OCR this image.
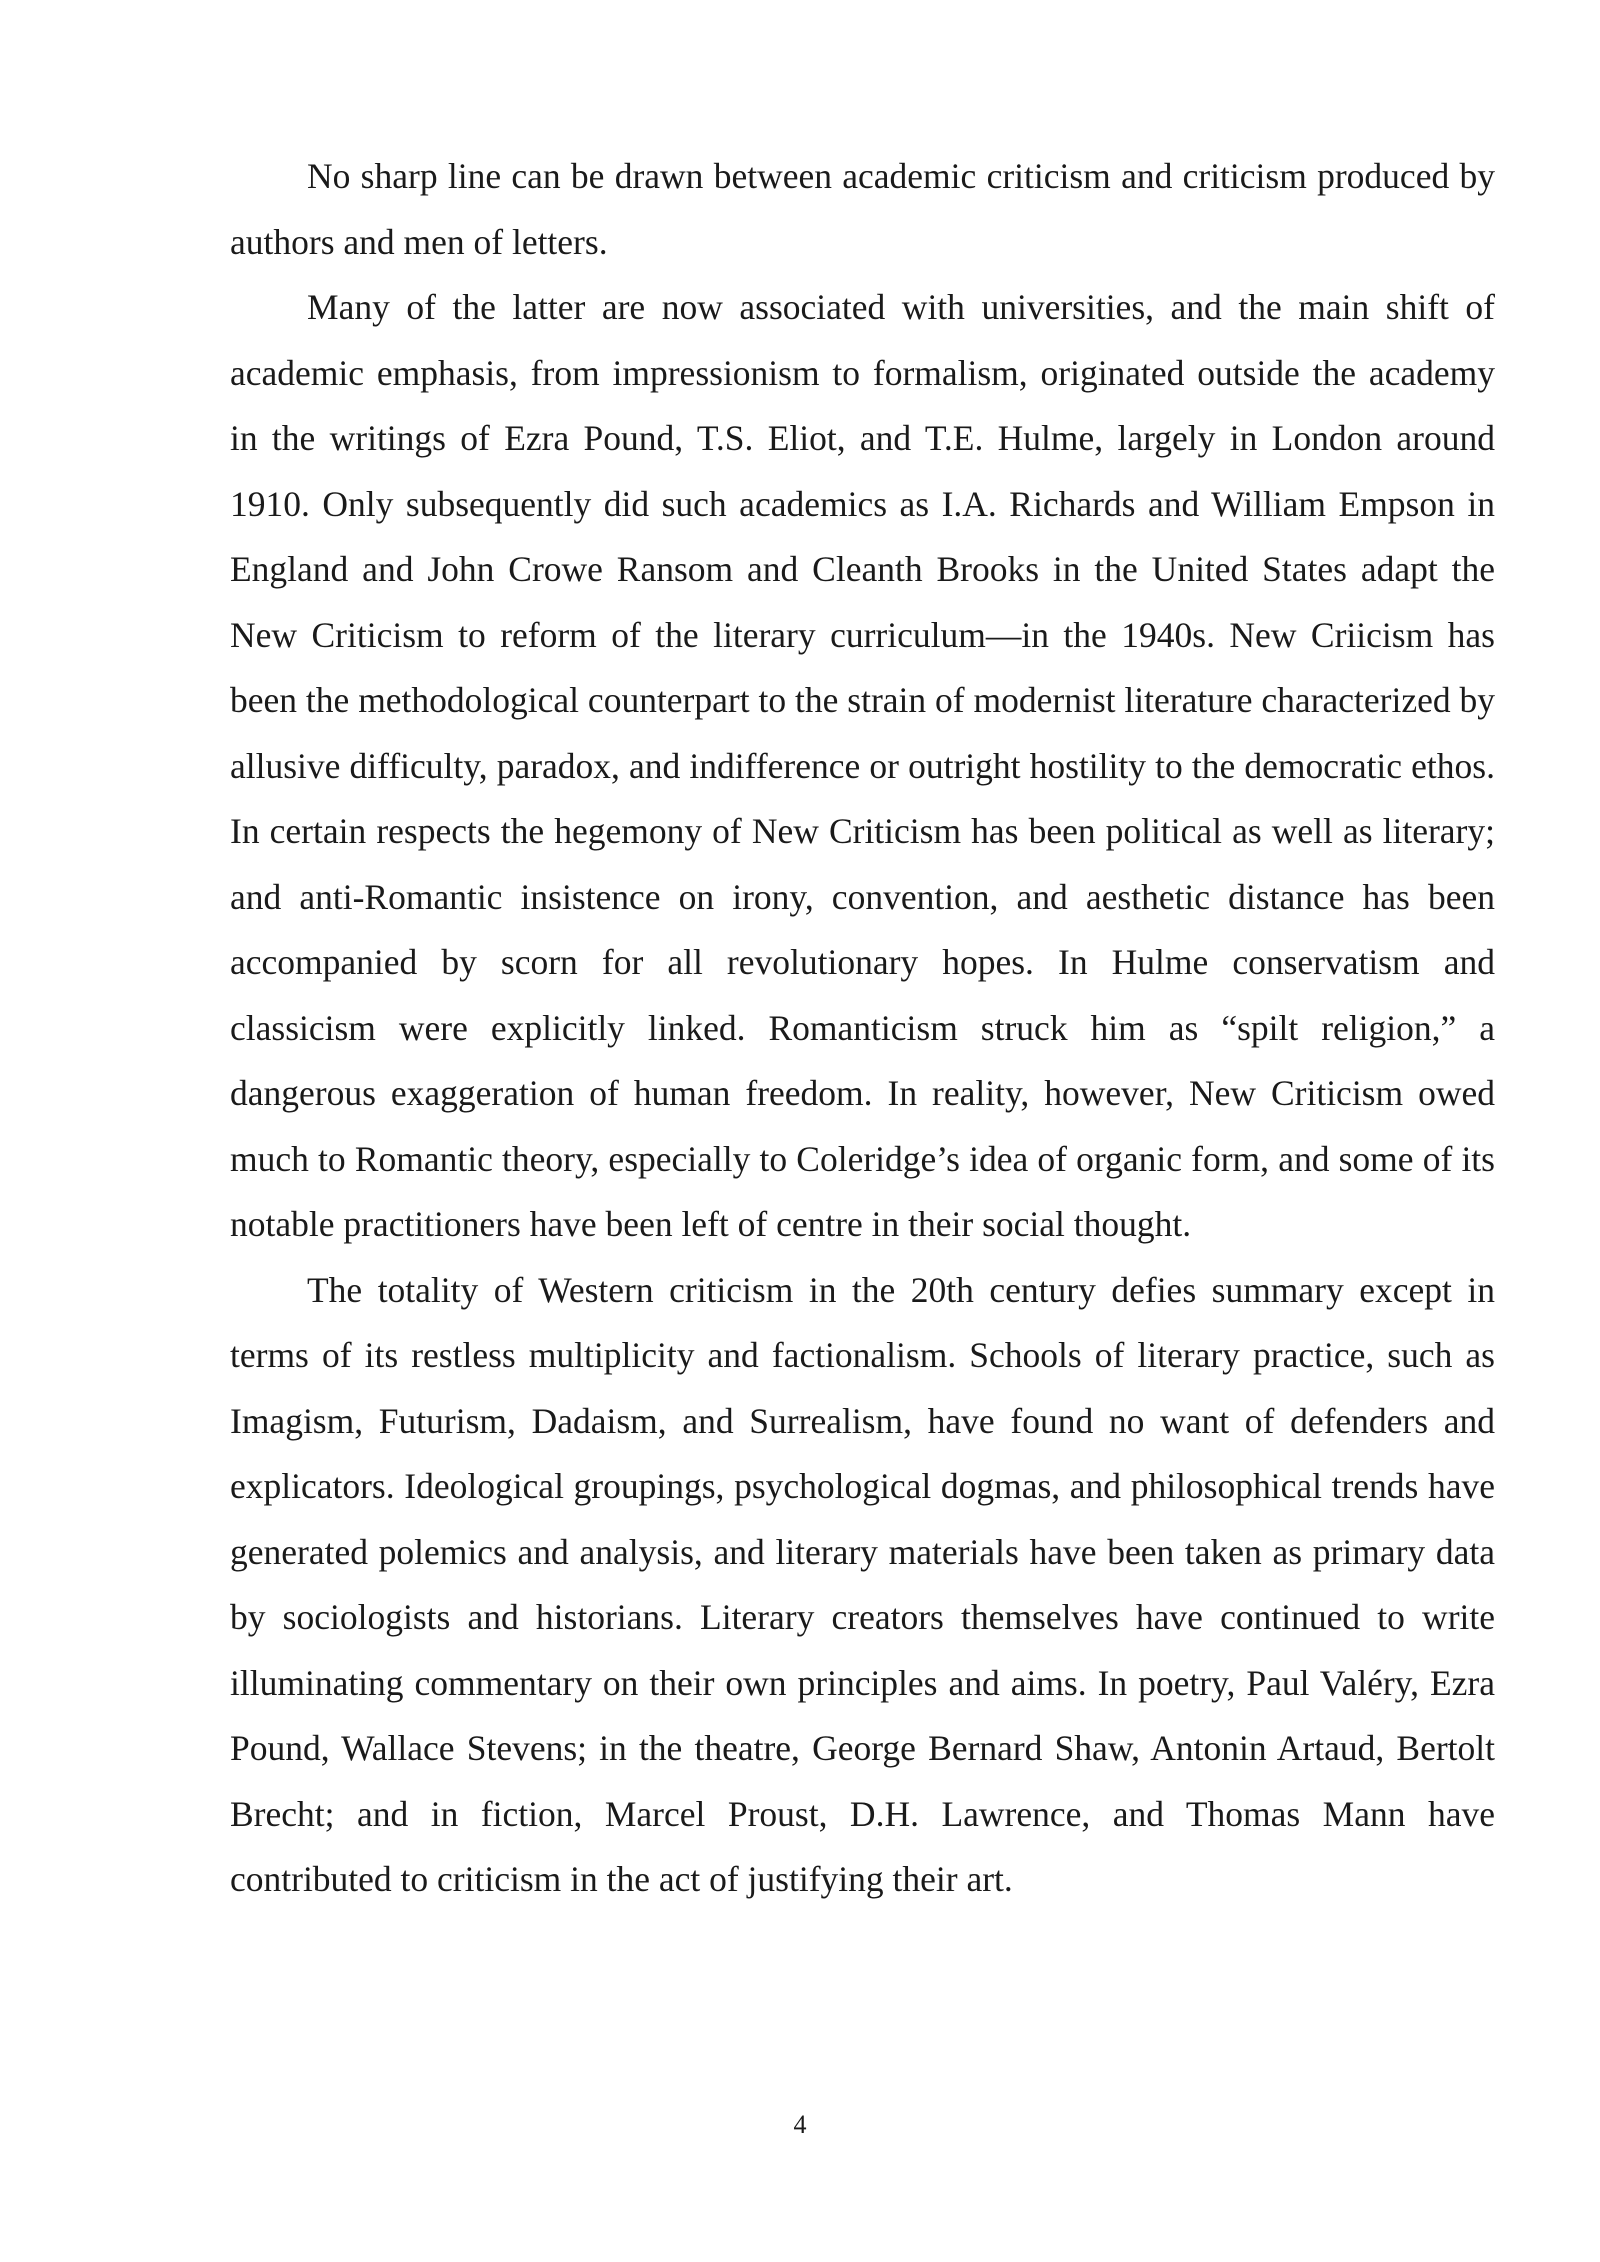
No sharp line can be drawn between academic criticism and criticism produced by authors and men of letters.

Many of the latter are now associated with universities, and the main shift of academic emphasis, from impressionism to formalism, originated outside the academy in the writings of Ezra Pound, T.S. Eliot, and T.E. Hulme, largely in London around 1910. Only subsequently did such academics as I.A. Richards and William Empson in England and John Crowe Ransom and Cleanth Brooks in the United States adapt the New Criticism to reform of the literary curriculum—in the 1940s. New Criicism has been the methodological counterpart to the strain of modernist literature characterized by allusive difficulty, paradox, and indifference or outright hostility to the democratic ethos. In certain respects the hegemony of New Criticism has been political as well as literary; and anti-Romantic insistence on irony, convention, and aesthetic distance has been accompanied by scorn for all revolutionary hopes. In Hulme conservatism and classicism were explicitly linked. Romanticism struck him as “spilt religion,” a dangerous exaggeration of human freedom. In reality, however, New Criticism owed much to Romantic theory, especially to Coleridge’s idea of organic form, and some of its notable practitioners have been left of centre in their social thought.

The totality of Western criticism in the 20th century defies summary except in terms of its restless multiplicity and factionalism. Schools of literary practice, such as Imagism, Futurism, Dadaism, and Surrealism, have found no want of defenders and explicators. Ideological groupings, psychological dogmas, and philosophical trends have generated polemics and analysis, and literary materials have been taken as primary data by sociologists and historians. Literary creators themselves have continued to write illuminating commentary on their own principles and aims. In poetry, Paul Valéry, Ezra Pound, Wallace Stevens; in the theatre, George Bernard Shaw, Antonin Artaud, Bertolt Brecht; and in fiction, Marcel Proust, D.H. Lawrence, and Thomas Mann have contributed to criticism in the act of justifying their art.

4
